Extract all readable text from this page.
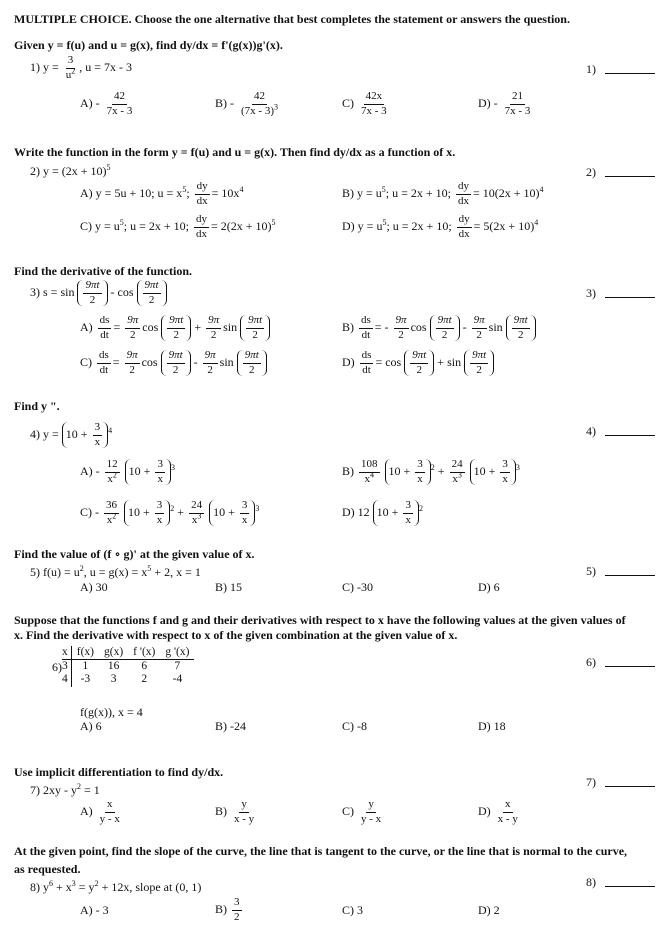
MULTIPLE CHOICE. Choose the one alternative that best completes the statement or answers the question.
1)
2)
3)
4)
5)
6)
7)
8)
Given y = f(u) and u = g(x), find dy/dx = f'(g(x))g'(x).
1) $y = \frac{3}{u^2}$ , u = 7x - 3
$A) - \frac{42}{7x - 3}$	$B) - \frac{42}{(7x - 3)^3}$	$C) \frac{42x}{7x - 3}$	$D) - \frac{21}{7x - 3}$
Write the function in the form y = f(u) and u = g(x). Then find dy/dx as a function of x.
2) $y = (2x + 10)^5$
A) y = 5u + 10; $u = x^5$; $\frac{dy}{dx} = 10x^4$	B) $y = u^5$; u = 2x + 10; $\frac{dy}{dx} = 10(2x + 10)^4$
C) $y = u^5$; u = 2x + 10; $\frac{dy}{dx} = 2(2x + 10)^5$	D) $y = u^5$; u = 2x + 10; $\frac{dy}{dx} = 5(2x + 10)^4$
Find the derivative of the function.
3) $s = \sin \frac{9\pi t}{2} - \cos \frac{9\pi t}{2}$
$A) \frac{ds}{dt} = \frac{9\pi}{2}$ $\cos \frac{9\pi t}{2} + \frac{9\pi}{2}$ $\sin \frac{9\pi t}{2}$	$B) \frac{ds}{dt}$ = - $\frac{9\pi}{2}$ $\cos \frac{9\pi t}{2} - \frac{9\pi}{2}$ $\sin \frac{9\pi t}{2}$
$C) \frac{ds}{dt} = \frac{9\pi}{2}$ $\cos \frac{9\pi t}{2} - \frac{9\pi}{2}$ $\sin \frac{9\pi t}{2}$	$D) \frac{ds}{dt} = \cos \frac{9\pi t}{2} + \sin \frac{9\pi t}{2}$
Find y ".
4) $y = 10 + \frac{3}{x} ^4$
$A) - \frac{12}{x^2} 10 + \frac{3}{x} ^3$	$B) \frac{108}{x^4} 10 + \frac{3}{x} ^2 + \frac{24}{x^3} 10 + \frac{3}{x} ^3$
$C) - \frac{36}{x^2} 10 + \frac{3}{x} ^2 + \frac{24}{x^3} 10 + \frac{3}{x} ^3$	D) 12 $10 + \frac{3}{x} ^2$
Find the value of (f ∘ g)' at the given value of x.
5) $f(u) = u^2$, $u = g(x) = x^5 + 2$, x = 1
A) 30	B) 15	C) -30	D) 6
Suppose that the functions f and g and their derivatives with respect to x have the following values at the given values of
x. Find the derivative with respect to x of the given combination at the given value of x.
6)
x	f(x)	g(x)	f '(x)	g '(x)
3	1	16	6	7
4	-3	3	2	-4
f(g(x)), x = 4
A) 6	B) -24	C) -8	D) 18
Use implicit differentiation to find dy/dx.
7) $2xy - y^2 = 1$
$A) \frac{x}{y - x}$	$B) \frac{y}{x - y}$	$C) \frac{y}{y - x}$	$D) \frac{x}{x - y}$
At the given point, find the slope of the curve, the line that is tangent to the curve, or the line that is normal to the curve,
as requested.
8) $y^6 + x^3 = y^2 + 12x$, slope at (0, 1)
A) - 3	$B) \frac{3}{2}$	C) 3	D) 2
